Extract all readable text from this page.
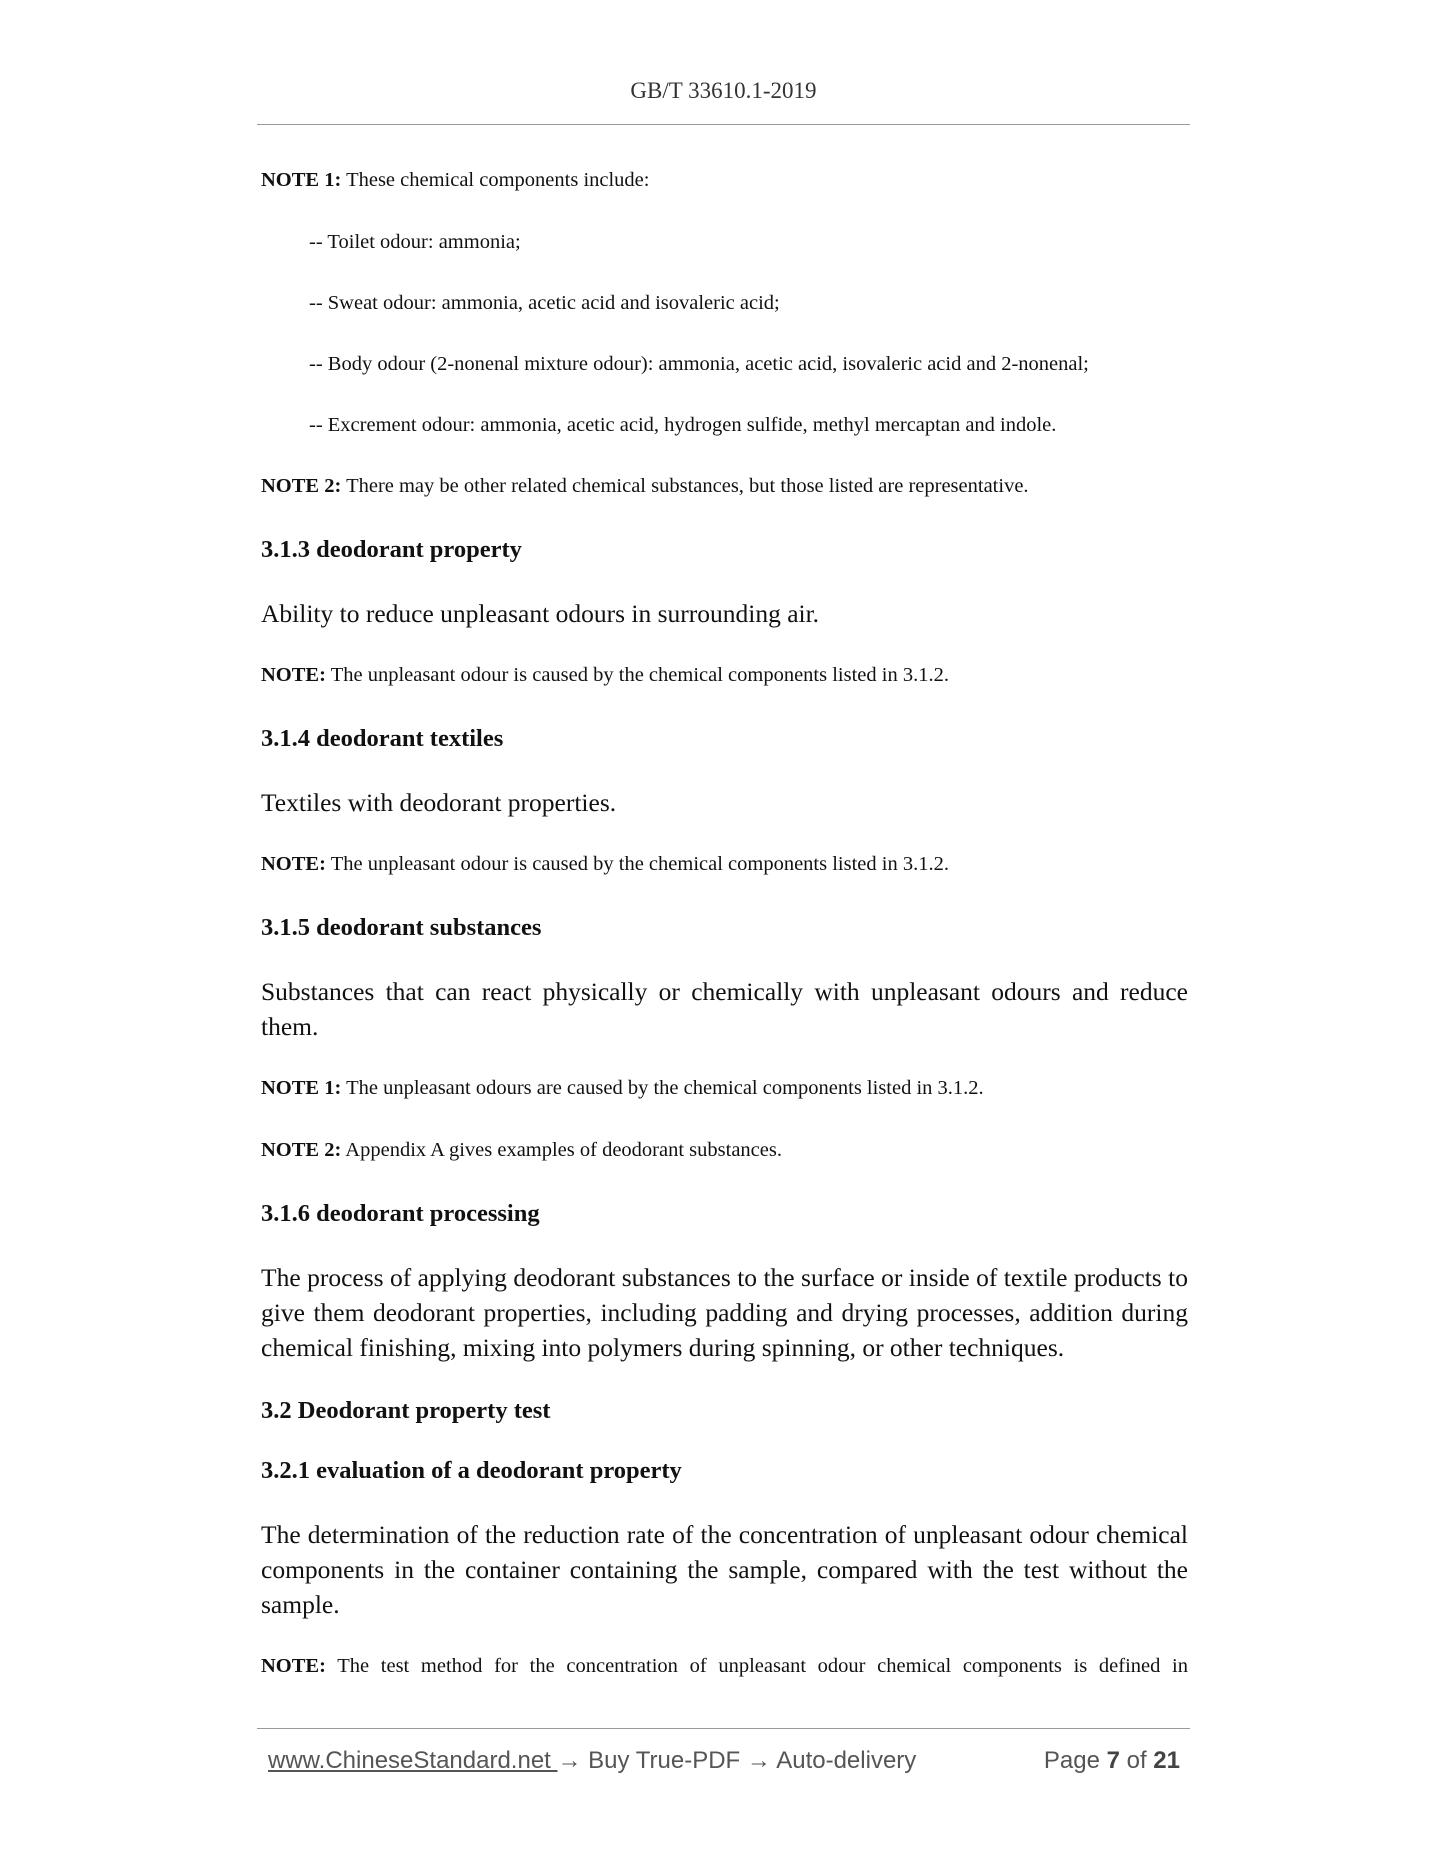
GB/T 33610.1-2019

NOTE 1: These chemical components include:

-- Toilet odour: ammonia;

-- Sweat odour: ammonia, acetic acid and isovaleric acid;

-- Body odour (2-nonenal mixture odour): ammonia, acetic acid, isovaleric acid and 2-nonenal;

-- Excrement odour: ammonia, acetic acid, hydrogen sulfide, methyl mercaptan and indole.

NOTE 2: There may be other related chemical substances, but those listed are representative.

3.1.3 deodorant property

Ability to reduce unpleasant odours in surrounding air.

NOTE: The unpleasant odour is caused by the chemical components listed in 3.1.2.

3.1.4 deodorant textiles

Textiles with deodorant properties.

NOTE: The unpleasant odour is caused by the chemical components listed in 3.1.2.

3.1.5 deodorant substances

Substances that can react physically or chemically with unpleasant odours and reduce them.

NOTE 1: The unpleasant odours are caused by the chemical components listed in 3.1.2.

NOTE 2: Appendix A gives examples of deodorant substances.

3.1.6 deodorant processing

The process of applying deodorant substances to the surface or inside of textile products to give them deodorant properties, including padding and drying processes, addition during chemical finishing, mixing into polymers during spinning, or other techniques.

3.2 Deodorant property test
3.2.1 evaluation of a deodorant property

The determination of the reduction rate of the concentration of unpleasant odour chemical components in the container containing the sample, compared with the test without the sample.

NOTE: The test method for the concentration of unpleasant odour chemical components is defined in

www.ChineseStandard.net → Buy True-PDF → Auto-delivery	Page 7 of 21
